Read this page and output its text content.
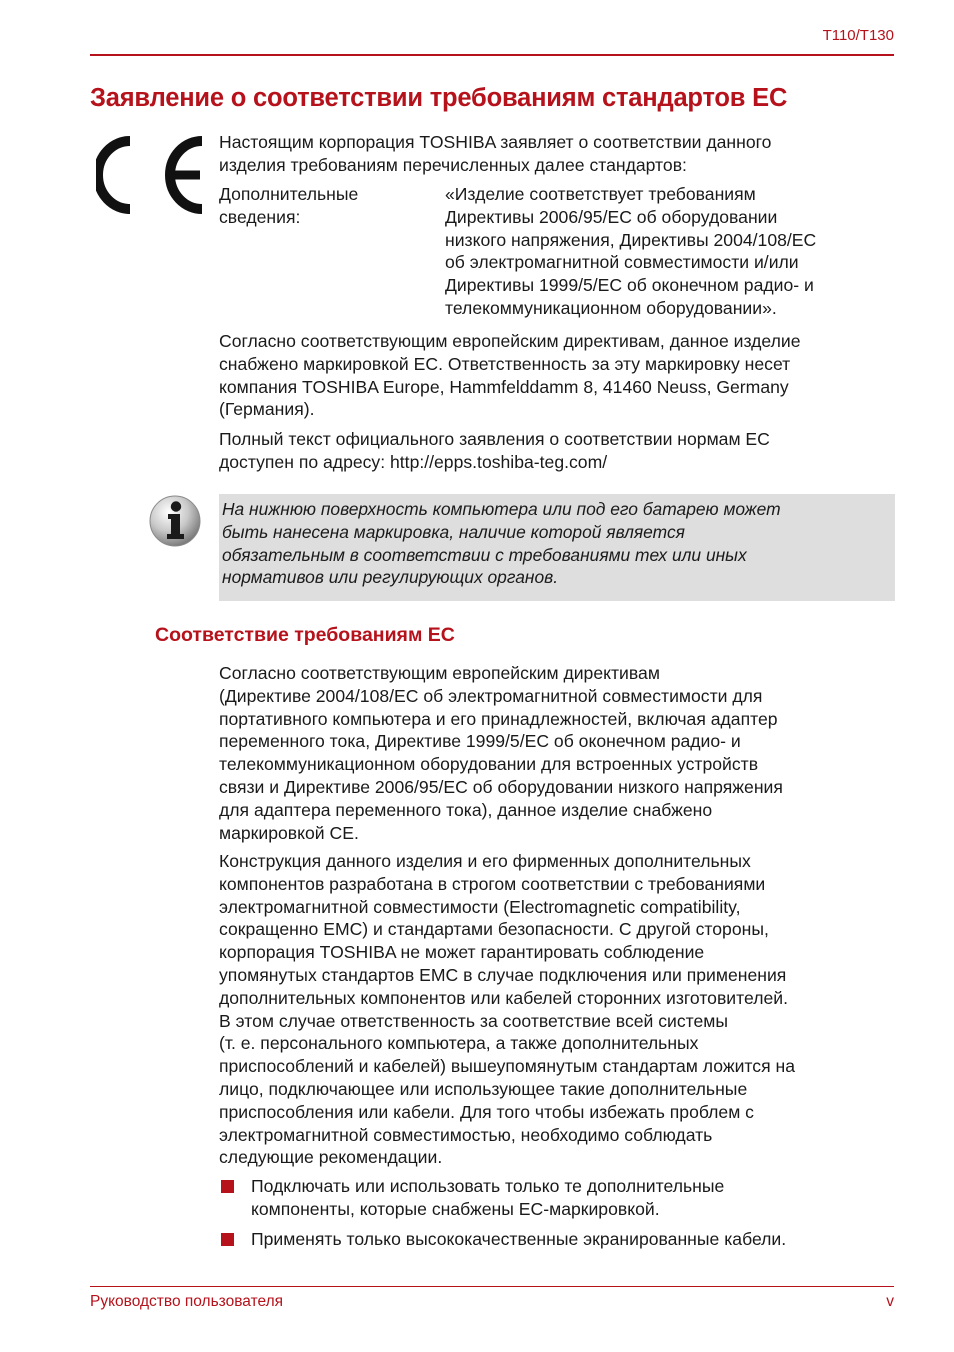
T110/T130
Заявление о соответствии требованиям стандартов ЕС

Настоящим корпорация TOSHIBA заявляет о соответствии данного
изделия требованиям перечисленных далее стандартов:

Дополнительные
сведения:

«Изделие соответствует требованиям
Директивы 2006/95/EC об оборудовании
низкого напряжения, Директивы 2004/108/EC
об электромагнитной совместимости и/или
Директивы 1999/5/EC об оконечном радио- и
телекоммуникационном оборудовании».

Согласно соответствующим европейским директивам, данное изделие
снабжено маркировкой ЕС. Ответственность за эту маркировку несет
компания TOSHIBA Europe, Hammfelddamm 8, 41460 Neuss, Germany
(Германия).

Полный текст официального заявления о соответствии нормам ЕС
доступен по адресу: http://epps.toshiba-teg.com/

На нижнюю поверхность компьютера или под его батарею может
быть нанесена маркировка, наличие которой является
обязательным в соответствии с требованиями тех или иных
нормативов или регулирующих органов.

Соответствие требованиям ЕС

Согласно соответствующим европейским директивам
(Директиве 2004/108/EC об электромагнитной совместимости для
портативного компьютера и его принадлежностей, включая адаптер
переменного тока, Директиве 1999/5/EC об оконечном радио- и
телекоммуникационном оборудовании для встроенных устройств
связи и Директиве 2006/95/EC об оборудовании низкого напряжения
для адаптера переменного тока), данное изделие снабжено
маркировкой СЕ.

Конструкция данного изделия и его фирменных дополнительных
компонентов разработана в строгом соответствии с требованиями
электромагнитной совместимости (Electromagnetic compatibility,
сокращенно EMC) и стандартами безопасности. С другой стороны,
корпорация TOSHIBA не может гарантировать соблюдение
упомянутых стандартов EMC в случае подключения или применения
дополнительных компонентов или кабелей сторонних изготовителей.
В этом случае ответственность за соответствие всей системы
(т. е. персонального компьютера, а также дополнительных
приспособлений и кабелей) вышеупомянутым стандартам ложится на
лицо, подключающее или использующее такие дополнительные
приспособления или кабели. Для того чтобы избежать проблем с
электромагнитной совместимостью, необходимо соблюдать
следующие рекомендации.

Подключать или использовать только те дополнительные
компоненты, которые снабжены ЕС-маркировкой.

Применять только высококачественные экранированные кабели.

Руководство пользователя	v
